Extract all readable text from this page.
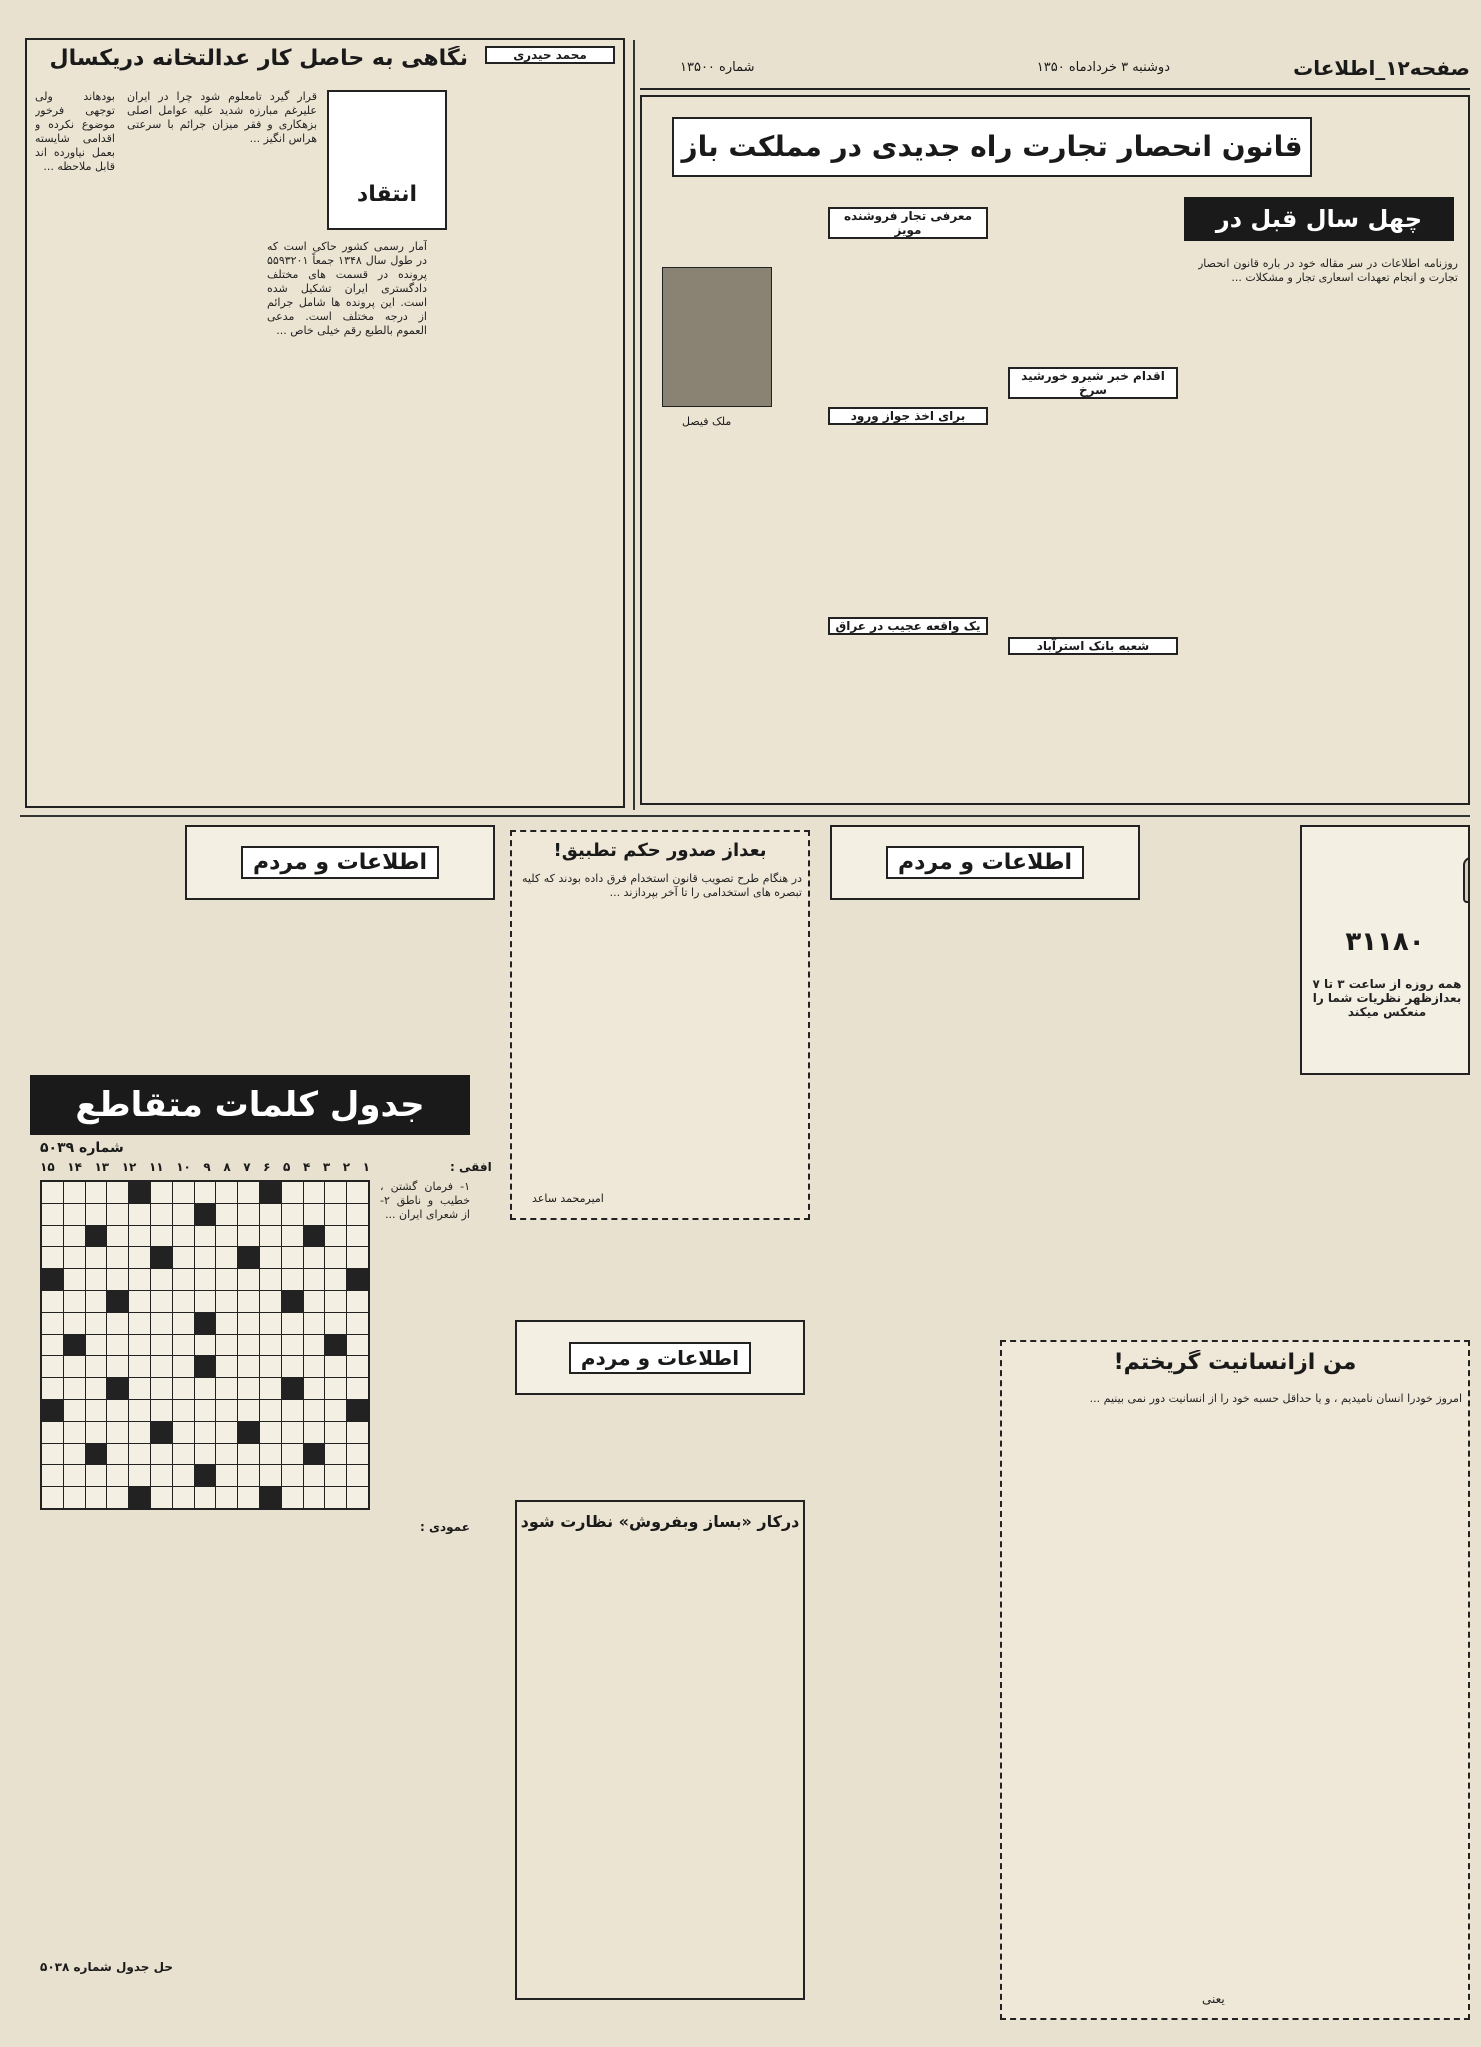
صفحه۱۲_اطلاعات
دوشنبه ۳ خردادماه ۱۳۵۰
شماره ۱۳۵۰۰
نگاهی به حاصل کار عدالتخانه دریکسال	محمد حیدری
انتقاد
آمار رسمی کشور حاکی است که در طول سال ۱۳۴۸ جمعاً ۵۵۹۳۲۰۱ پرونده در قسمت های مختلف دادگستری ایران تشکیل شده است. این پرونده ها شامل جرائم از درجه مختلف است. مدعی العموم بالطبع رقم خیلی خاص ...
قرار گیرد تامعلوم شود چرا در ایران علیرغم مبارزه شدید علیه عوامل اصلی بزهکاری و فقر میزان جرائم با سرعتی هراس انگیز ...
بودهاند ولی توجهی فرخور موضوع نکرده و اقدامی شایسته بعمل نیاورده اند قابل ملاحظه ...
قانون انحصار تجارت راه جدیدی در مملکت باز
چهل سال قبل در
روزنامه اطلاعات در سر مقاله خود در باره قانون انحصار تجارت و انجام تعهدات اسعاری تجار و مشکلات ...
اقدام خبر شیرو خورشید سرخ
شعبه بانک استرآباد
معرفی تجار فروشنده مویز
برای اخذ جواز ورود
یک واقعه عجیب در عراق
ملک فیصل
اطلاعات و مردم	اطلاعات و مردم
۳۱۱۸۰
همه روزه از ساعت ۳ تا ۷ بعدازظهر نظریات شما را منعکس میکند
بعداز صدور حکم تطبیق!
در هنگام طرح تصویب قانون استخدام فرق داده بودند که کلیه تبصره های استخدامی را تا آخر بپردازند ...
امیرمحمد ساعد
اطلاعات و مردم
درکار «بساز وبفروش» نظارت شود
من ازانسانیت گریختم!
امروز خودرا انسان نامیدیم ، و یا حداقل حسبه خود را از انسانیت دور نمی بینیم ...
یعنی
جدول کلمات متقاطع
شماره ۵۰۳۹
افقی :
۱
۲
۳
۴
۵
۶
۷
۸
۹
۱۰
۱۱
۱۲
۱۳
۱۴
۱۵
۱- فرمان گشتن ، خطیب و ناطق ۲- از شعرای ایران ...
عمودی :
حل جدول شماره ۵۰۳۸
